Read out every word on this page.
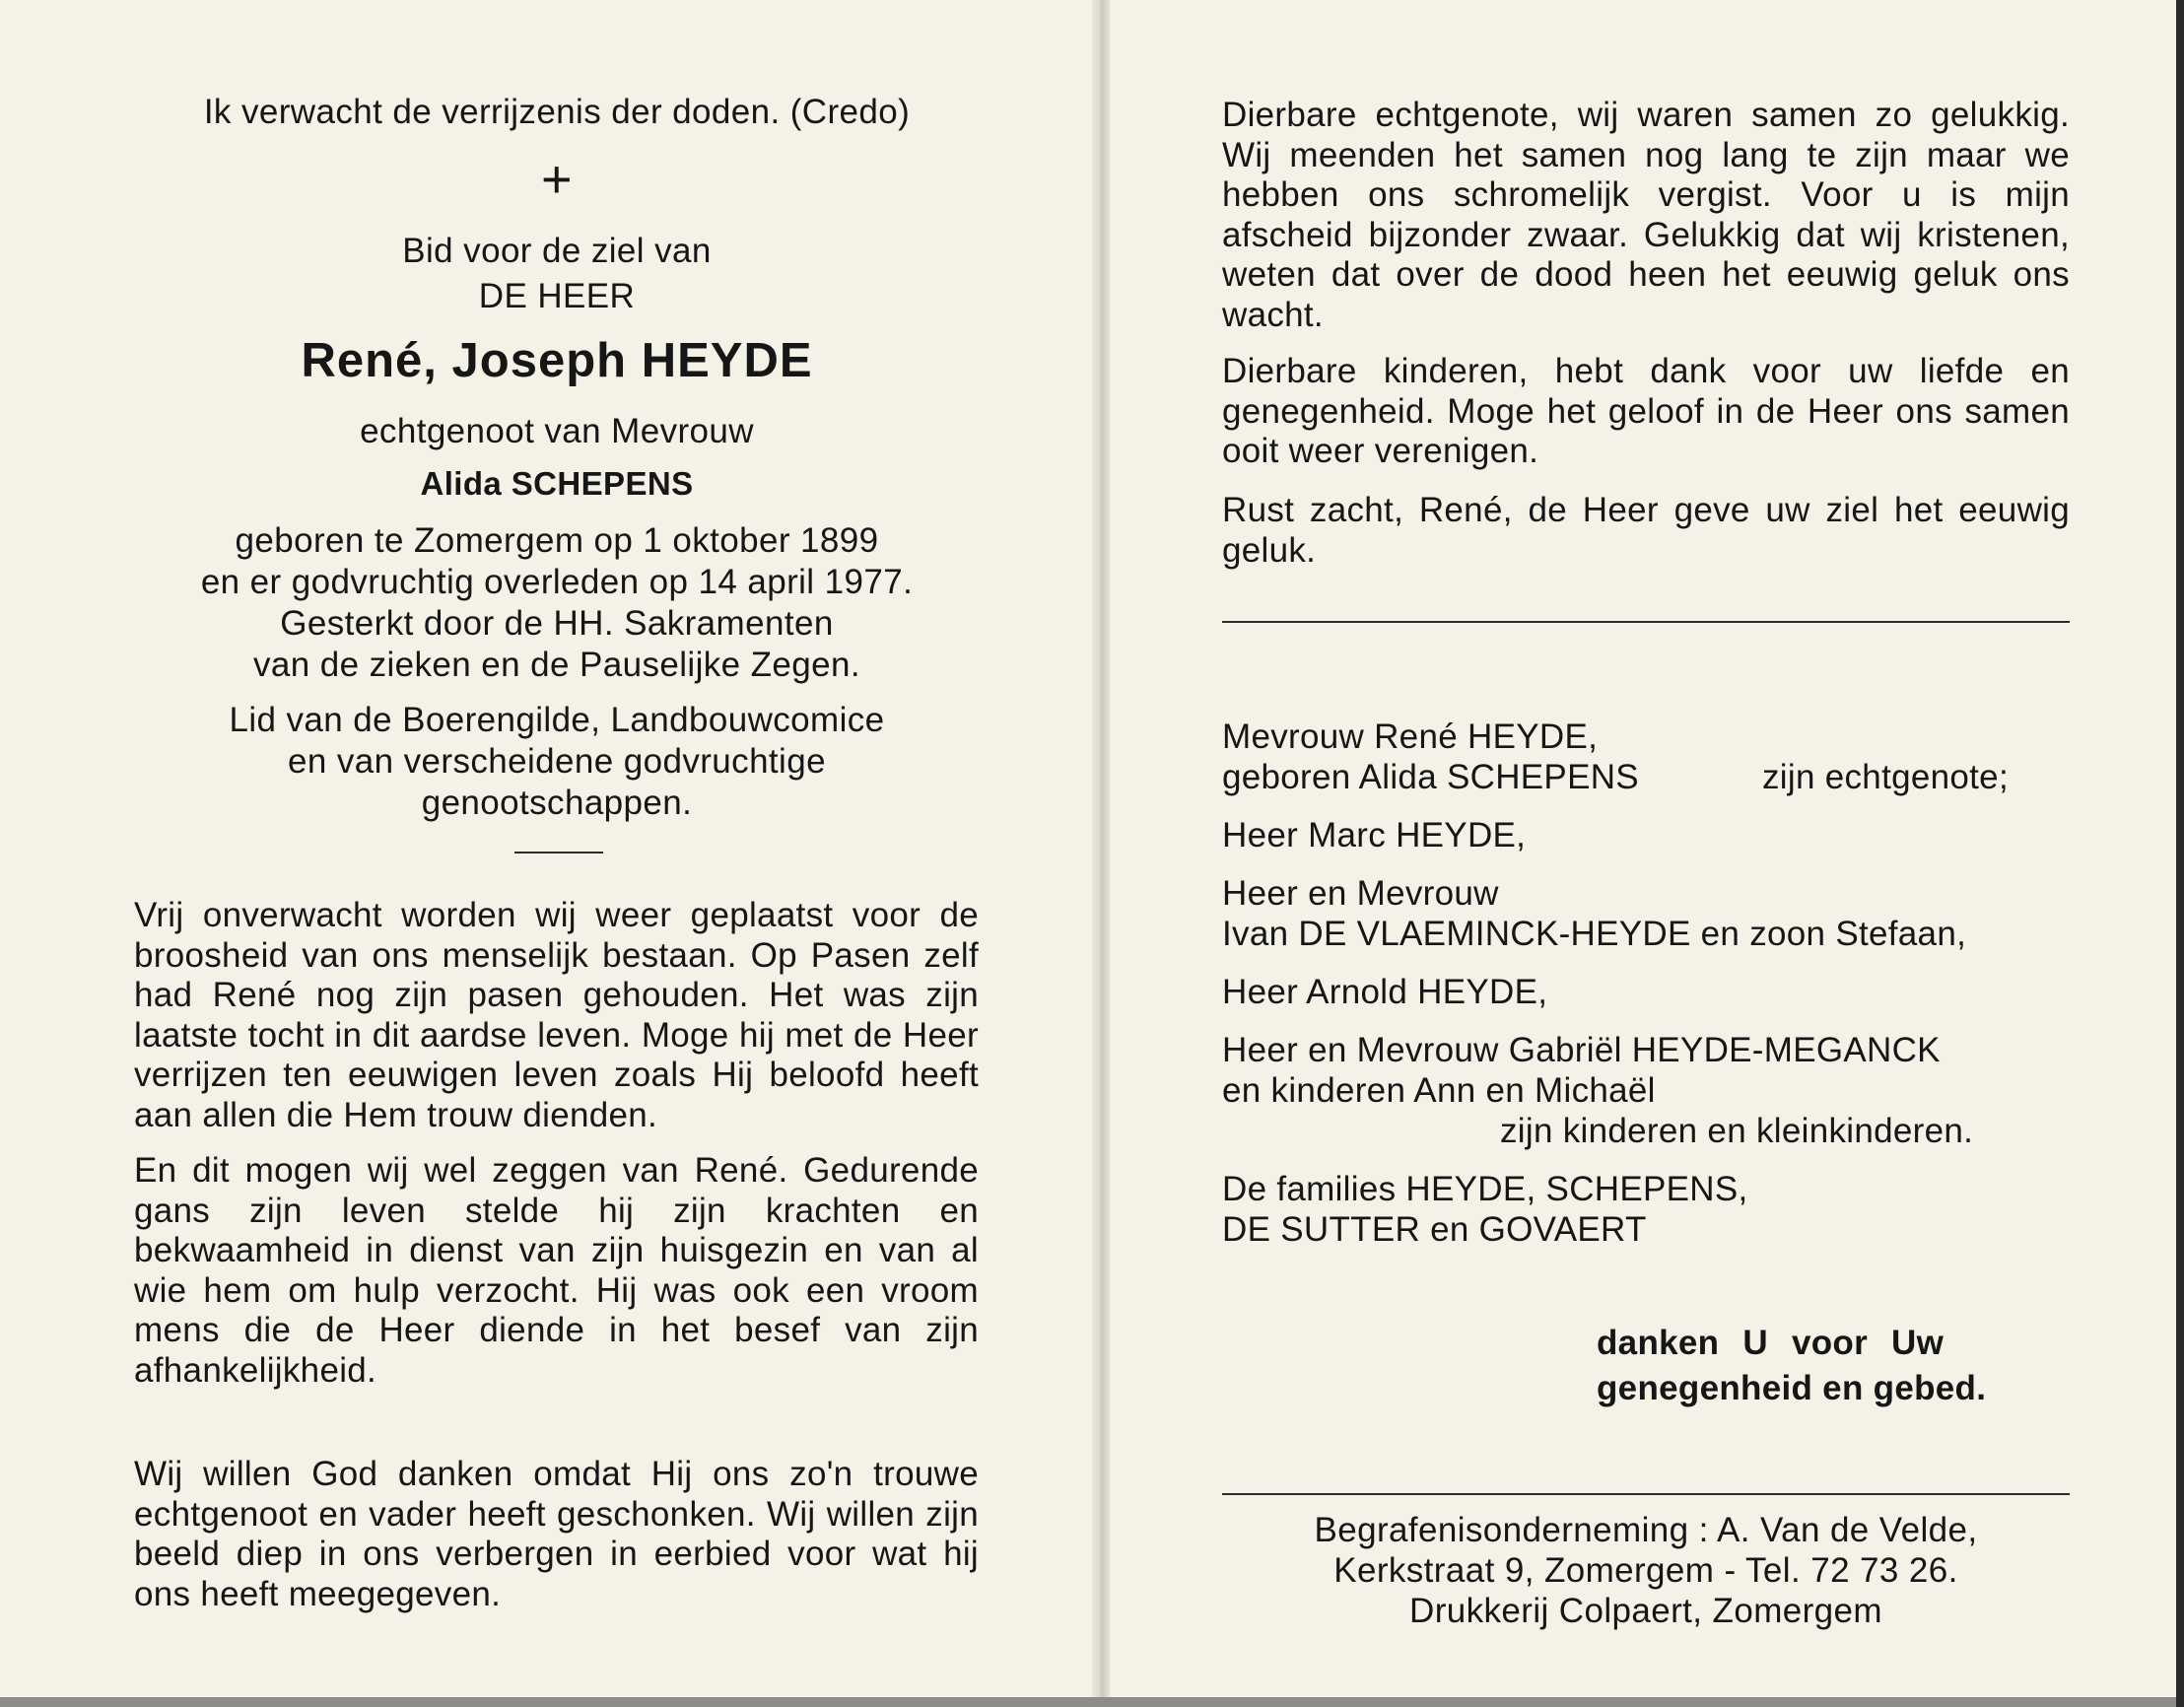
Ik verwacht de verrijzenis der doden. (Credo)

+

Bid voor de ziel van

DE HEER

René, Joseph HEYDE

echtgenoot van Mevrouw

Alida SCHEPENS

geboren te Zomergem op 1 oktober 1899

en er godvruchtig overleden op 14 april 1977.

Gesterkt door de HH. Sakramenten

van de zieken en de Pauselijke Zegen.

Lid van de Boerengilde, Landbouwcomice

en van verscheidene godvruchtige

genootschappen.

Vrij onverwacht worden wij weer geplaatst voor de broosheid van ons menselijk bestaan. Op Pasen zelf had René nog zijn pasen gehouden. Het was zijn laatste tocht in dit aardse leven. Moge hij met de Heer verrijzen ten eeuwigen leven zoals Hij beloofd heeft aan allen die Hem trouw dienden.

En dit mogen wij wel zeggen van René. Gedurende gans zijn leven stelde hij zijn krachten en bekwaamheid in dienst van zijn huisgezin en van al wie hem om hulp verzocht. Hij was ook een vroom mens die de Heer diende in het besef van zijn afhankelijkheid.

Wij willen God danken omdat Hij ons zo'n trouwe echtgenoot en vader heeft geschonken. Wij willen zijn beeld diep in ons verbergen in eerbied voor wat hij ons heeft meegegeven.

Dierbare echtgenote, wij waren samen zo gelukkig. Wij meenden het samen nog lang te zijn maar we hebben ons schromelijk vergist. Voor u is mijn afscheid bijzonder zwaar. Gelukkig dat wij kristenen, weten dat over de dood heen het eeuwig geluk ons wacht.

Dierbare kinderen, hebt dank voor uw liefde en genegenheid. Moge het geloof in de Heer ons samen ooit weer verenigen.

Rust zacht, René, de Heer geve uw ziel het eeuwig geluk.

Mevrouw René HEYDE,

geboren Alida SCHEPENS	zijn echtgenote;

Heer Marc HEYDE,

Heer en Mevrouw

Ivan DE VLAEMINCK-HEYDE en zoon Stefaan,

Heer Arnold HEYDE,

Heer en Mevrouw Gabriël HEYDE-MEGANCK

en kinderen Ann en Michaël

zijn kinderen en kleinkinderen.

De families HEYDE, SCHEPENS,

DE SUTTER en GOVAERT

danken U voor Uw

genegenheid en gebed.

Begrafenisonderneming : A. Van de Velde,

Kerkstraat 9, Zomergem - Tel. 72 73 26.

Drukkerij Colpaert, Zomergem
